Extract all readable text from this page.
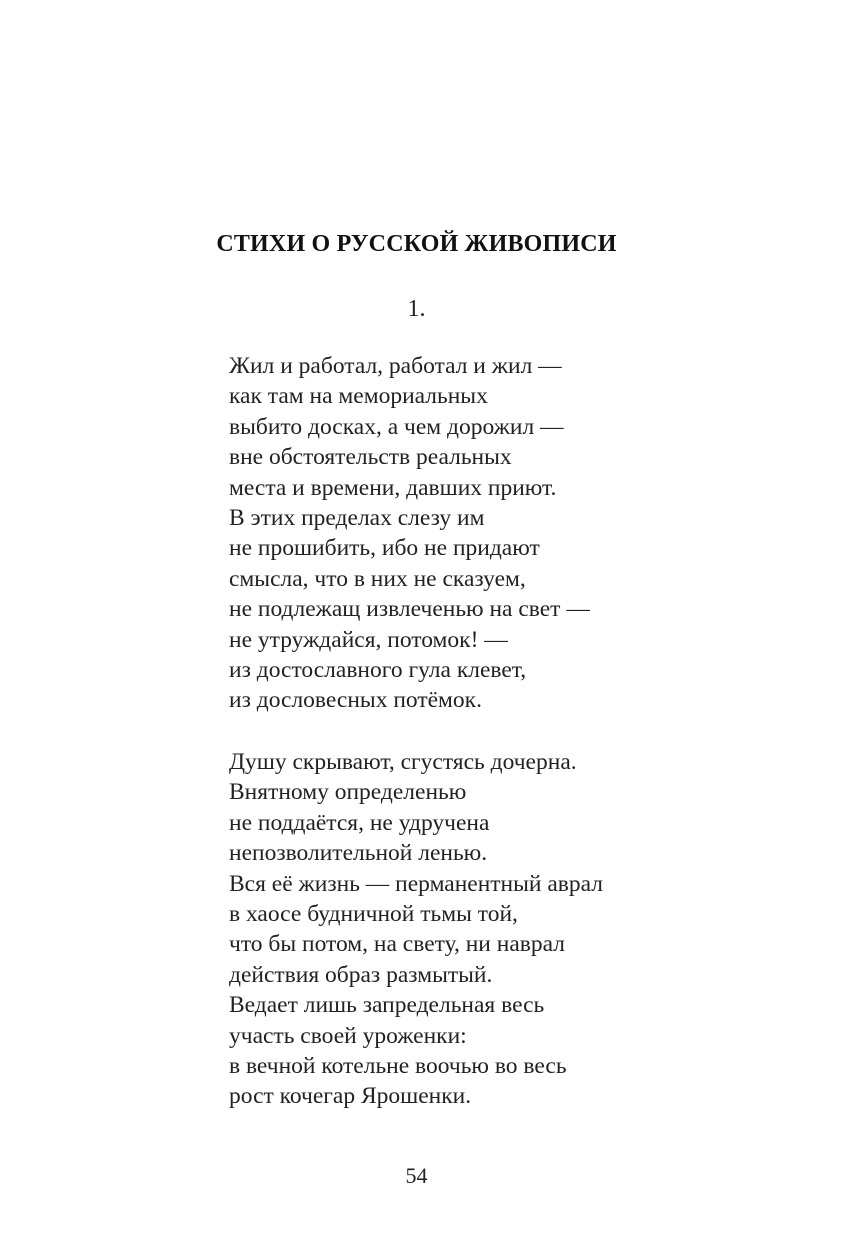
СТИХИ О РУССКОЙ ЖИВОПИСИ
1.
Жил и работал, работал и жил —
как там на мемориальных
выбито досках, а чем дорожил —
вне обстоятельств реальных
места и времени, давших приют.
В этих пределах слезу им
не прошибить, ибо не придают
смысла, что в них не сказуем,
не подлежащ извлеченью на свет —
не утруждайся, потомок! —
из достославного гула клевет,
из дословесных потёмок.
Душу скрывают, сгустясь дочерна.
Внятному определенью
не поддаётся, не удручена
непозволительной ленью.
Вся её жизнь — перманентный аврал
в хаосе будничной тьмы той,
что бы потом, на свету, ни наврал
действия образ размытый.
Ведает лишь запредельная весь
участь своей уроженки:
в вечной котельне воочью во весь
рост кочегар Ярошенки.
54
